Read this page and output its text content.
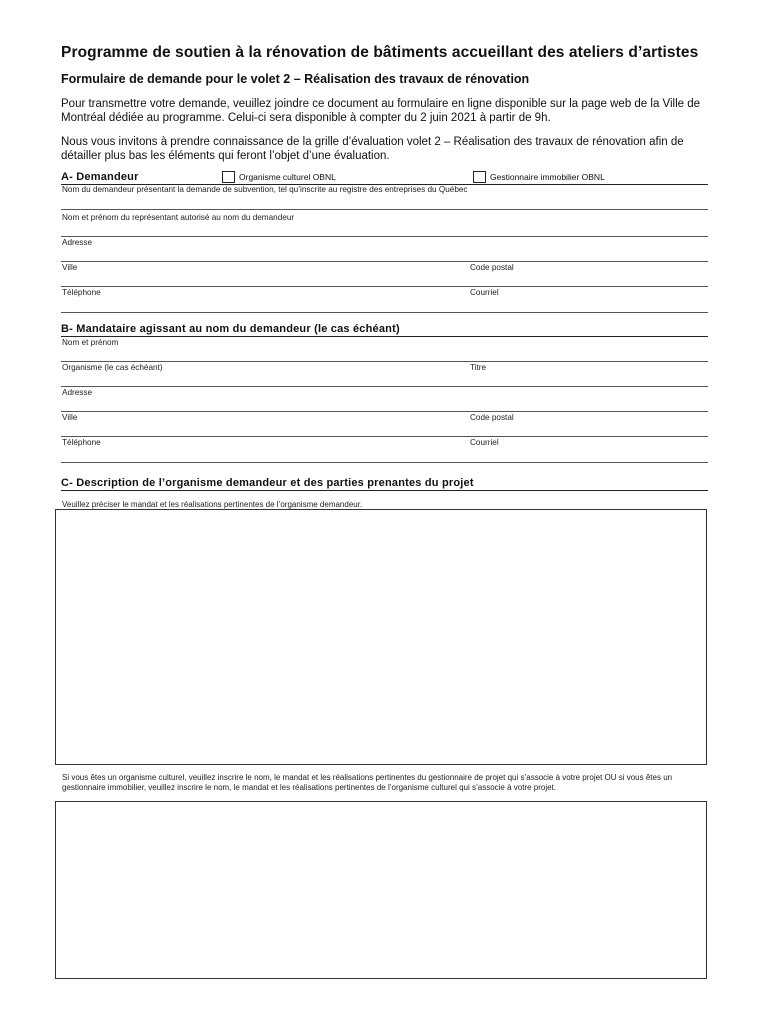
Programme de soutien à la rénovation de bâtiments accueillant des ateliers d’artistes
Formulaire de demande pour le volet 2 – Réalisation des travaux de rénovation
Pour transmettre votre demande, veuillez joindre ce document au formulaire en ligne disponible sur la page web de la Ville de Montréal dédiée au programme. Celui-ci sera disponible à compter du 2 juin 2021 à partir de 9h.
Nous vous invitons à prendre connaissance de la grille d’évaluation volet 2 – Réalisation des travaux de rénovation afin de détailler plus bas les éléments qui feront l’objet d’une évaluation.
A- Demandeur	Organisme culturel OBNL	Gestionnaire immobilier OBNL
Nom du demandeur présentant la demande de subvention, tel qu’inscrite au registre des entreprises du Québec
Nom et prénom du représentant autorisé au nom du demandeur
Adresse
Ville	Code postal
Téléphone	Courriel
B- Mandataire agissant au nom du demandeur (le cas échéant)
Nom et prénom
Organisme (le cas échéant)	Titre
Adresse
Ville	Code postal
Téléphone	Courriel
C- Description de l’organisme demandeur et des parties prenantes du projet
Veuillez préciser le mandat et les réalisations pertinentes de l’organisme demandeur.
Si vous êtes un organisme culturel, veuillez inscrire le nom, le mandat et les réalisations pertinentes du gestionnaire de projet qui s’associe à votre projet OU si vous êtes un gestionnaire immobilier, veuillez inscrire le nom, le mandat et les réalisations pertinentes de l’organisme culturel qui s’associe à votre projet.
